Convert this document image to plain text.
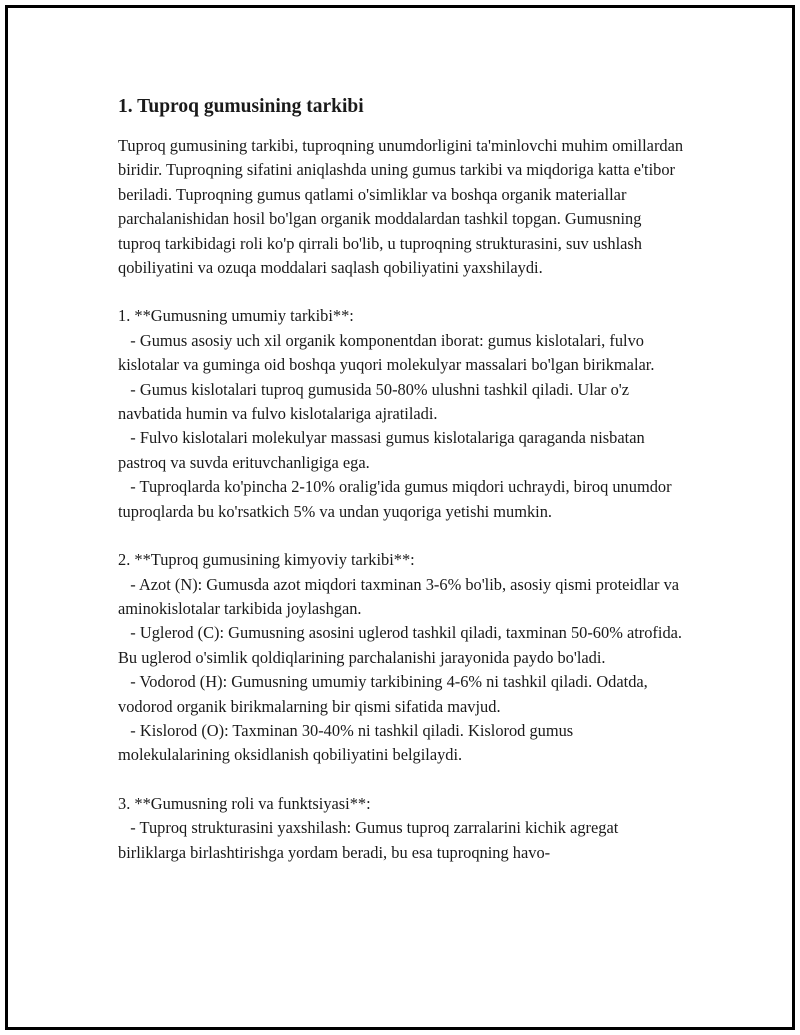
1. Tuproq gumusining tarkibi

Tuproq gumusining tarkibi, tuproqning unumdorligini ta'minlovchi muhim omillardan biridir. Tuproqning sifatini aniqlashda uning gumus tarkibi va miqdoriga katta e'tibor beriladi. Tuproqning gumus qatlami o'simliklar va boshqa organik materiallar parchalanishidan hosil bo'lgan organik moddalardan tashkil topgan. Gumusning tuproq tarkibidagi roli ko'p qirrali bo'lib, u tuproqning strukturasini, suv ushlash qobiliyatini va ozuqa moddalari saqlash qobiliyatini yaxshilaydi.

1. **Gumusning umumiy tarkibi**:

- Gumus asosiy uch xil organik komponentdan iborat: gumus kislotalari, fulvo kislotalar va guminga oid boshqa yuqori molekulyar massalari bo'lgan birikmalar.

- Gumus kislotalari tuproq gumusida 50-80% ulushni tashkil qiladi. Ular o'z navbatida humin va fulvo kislotalariga ajratiladi.

- Fulvo kislotalari molekulyar massasi gumus kislotalariga qaraganda nisbatan pastroq va suvda erituvchanligiga ega.

- Tuproqlarda ko'pincha 2-10% oralig'ida gumus miqdori uchraydi, biroq unumdor tuproqlarda bu ko'rsatkich 5% va undan yuqoriga yetishi mumkin.

2. **Tuproq gumusining kimyoviy tarkibi**:

- Azot (N): Gumusda azot miqdori taxminan 3-6% bo'lib, asosiy qismi proteidlar va aminokislotalar tarkibida joylashgan.

- Uglerod (C): Gumusning asosini uglerod tashkil qiladi, taxminan 50-60% atrofida. Bu uglerod o'simlik qoldiqlarining parchalanishi jarayonida paydo bo'ladi.

- Vodorod (H): Gumusning umumiy tarkibining 4-6% ni tashkil qiladi. Odatda, vodorod organik birikmalarning bir qismi sifatida mavjud.

- Kislorod (O): Taxminan 30-40% ni tashkil qiladi. Kislorod gumus molekulalarining oksidlanish qobiliyatini belgilaydi.

3. **Gumusning roli va funktsiyasi**:

- Tuproq strukturasini yaxshilash: Gumus tuproq zarralarini kichik agregat birliklarga birlashtirishga yordam beradi, bu esa tuproqning havo-
